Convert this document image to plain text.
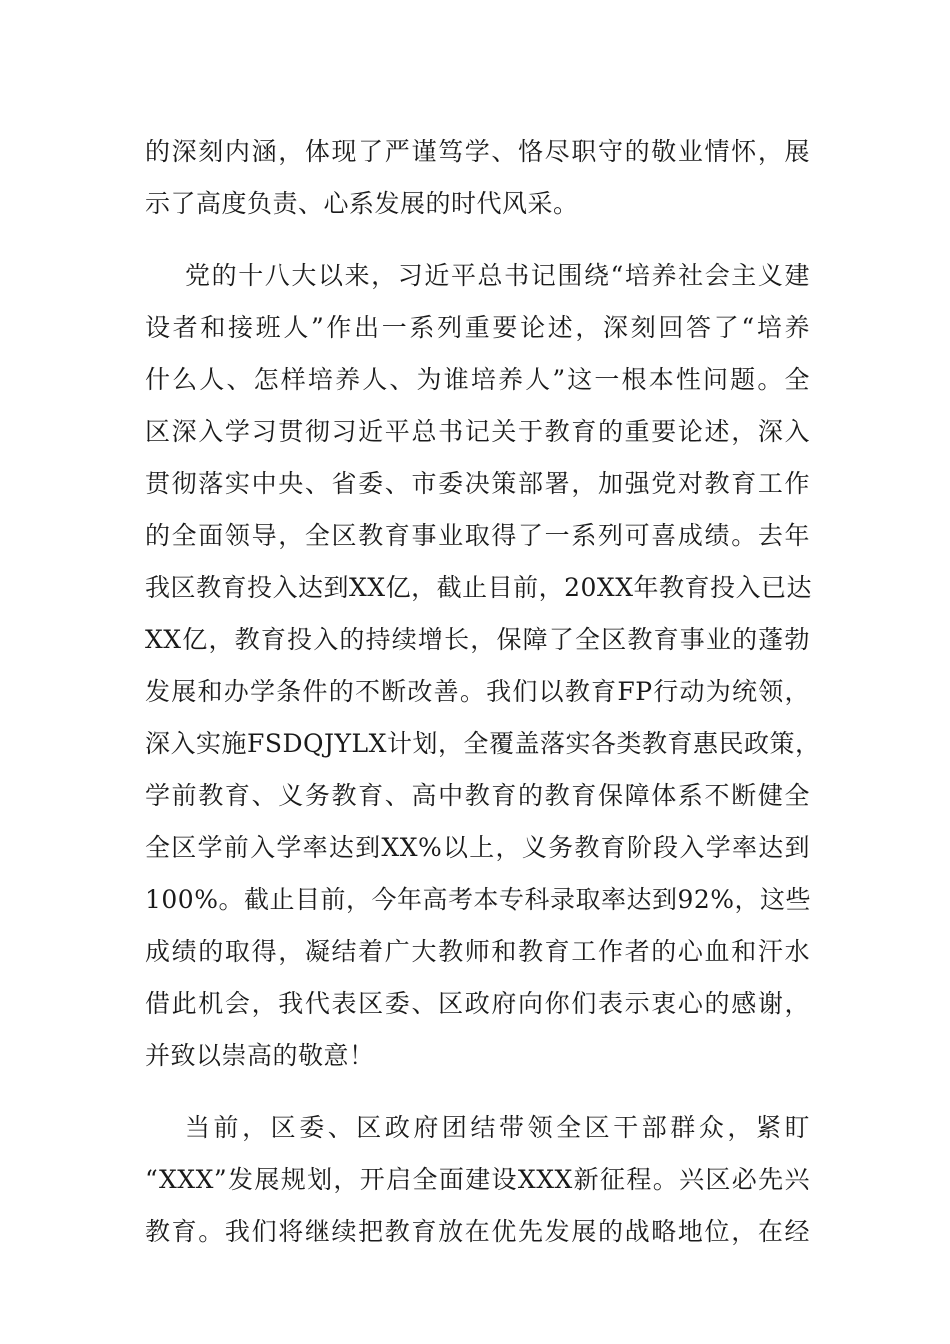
的深刻内涵，体现了严谨笃学、恪尽职守的敬业情怀，展
示了高度负责、心系发展的时代风采。
党的十八大以来，习近平总书记围绕“培养社会主义建
设者和接班人”作出一系列重要论述，深刻回答了“培养
什么人、怎样培养人、为谁培养人”这一根本性问题。全
区深入学习贯彻习近平总书记关于教育的重要论述，深入
贯彻落实中央、省委、市委决策部署，加强党对教育工作
的全面领导，全区教育事业取得了一系列可喜成绩。去年
我区教育投入达到XX亿，截止目前，20XX年教育投入已达
XX亿，教育投入的持续增长，保障了全区教育事业的蓬勃
发展和办学条件的不断改善。我们以教育FP行动为统领，
深入实施FSDQJYLX计划，全覆盖落实各类教育惠民政策，
学前教育、义务教育、高中教育的教育保障体系不断健全
全区学前入学率达到XX%以上，义务教育阶段入学率达到
100%。截止目前，今年高考本专科录取率达到92%，这些
成绩的取得，凝结着广大教师和教育工作者的心血和汗水
借此机会，我代表区委、区政府向你们表示衷心的感谢，
并致以崇高的敬意！
当前，区委、区政府团结带领全区干部群众，紧盯
“XXX”发展规划，开启全面建设XXX新征程。兴区必先兴
教育。我们将继续把教育放在优先发展的战略地位，在经
